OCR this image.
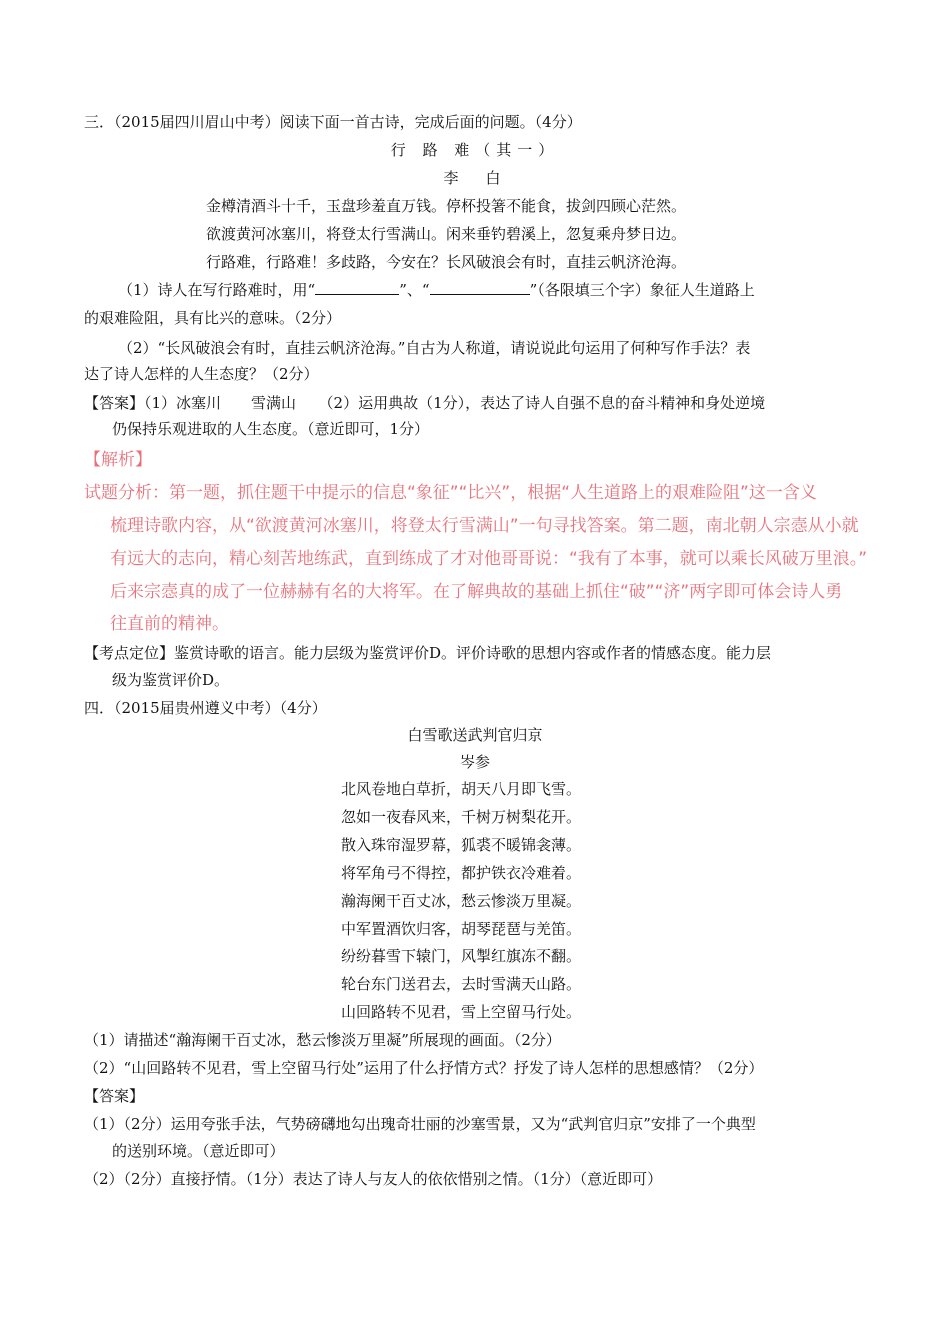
三．（2015届四川眉山中考）阅读下面一首古诗，完成后面的问题。（4分）
行 路 难（其一）
李　白
金樽清酒斗十千，玉盘珍羞直万钱。停杯投箸不能食，拔剑四顾心茫然。
欲渡黄河冰塞川，将登太行雪满山。闲来垂钓碧溪上，忽复乘舟梦日边。
行路难，行路难！多歧路，今安在？长风破浪会有时，直挂云帆济沧海。
（1）诗人在写行路难时，用“	”、“	”（各限填三个字）象征人生道路上
的艰难险阻，具有比兴的意味。（2分）
（2）“长风破浪会有时，直挂云帆济沧海。”自古为人称道，请说说此句运用了何种写作手法？表
达了诗人怎样的人生态度？（2分）
【答案】（1）冰塞川　　雪满山　　（2）运用典故（1分），表达了诗人自强不息的奋斗精神和身处逆境
仍保持乐观进取的人生态度。（意近即可，1分）
【解析】
试题分析：第一题，抓住题干中提示的信息“象征”“比兴”，根据“人生道路上的艰难险阻”这一含义
梳理诗歌内容，从“欲渡黄河冰塞川，将登太行雪满山”一句寻找答案。第二题，南北朝人宗悫从小就
有远大的志向，精心刻苦地练武，直到练成了才对他哥哥说：“我有了本事，就可以乘长风破万里浪。”
后来宗悫真的成了一位赫赫有名的大将军。在了解典故的基础上抓住“破”“济”两字即可体会诗人勇
往直前的精神。
【考点定位】鉴赏诗歌的语言。能力层级为鉴赏评价D。评价诗歌的思想内容或作者的情感态度。能力层
级为鉴赏评价D。
四．（2015届贵州遵义中考）（4分）
白雪歌送武判官归京
岑参
北风卷地白草折，胡天八月即飞雪。
忽如一夜春风来，千树万树梨花开。
散入珠帘湿罗幕，狐裘不暖锦衾薄。
将军角弓不得控，都护铁衣冷难着。
瀚海阑干百丈冰，愁云惨淡万里凝。
中军置酒饮归客，胡琴琵琶与羌笛。
纷纷暮雪下辕门，风掣红旗冻不翻。
轮台东门送君去，去时雪满天山路。
山回路转不见君，雪上空留马行处。
（1）请描述“瀚海阑干百丈冰，愁云惨淡万里凝”所展现的画面。（2分）
（2）“山回路转不见君，雪上空留马行处”运用了什么抒情方式？抒发了诗人怎样的思想感情？（2分）
【答案】
（1）（2分）运用夸张手法，气势磅礴地勾出瑰奇壮丽的沙塞雪景，又为“武判官归京”安排了一个典型
的送别环境。（意近即可）
（2）（2分）直接抒情。（1分）表达了诗人与友人的依依惜别之情。（1分）（意近即可）
